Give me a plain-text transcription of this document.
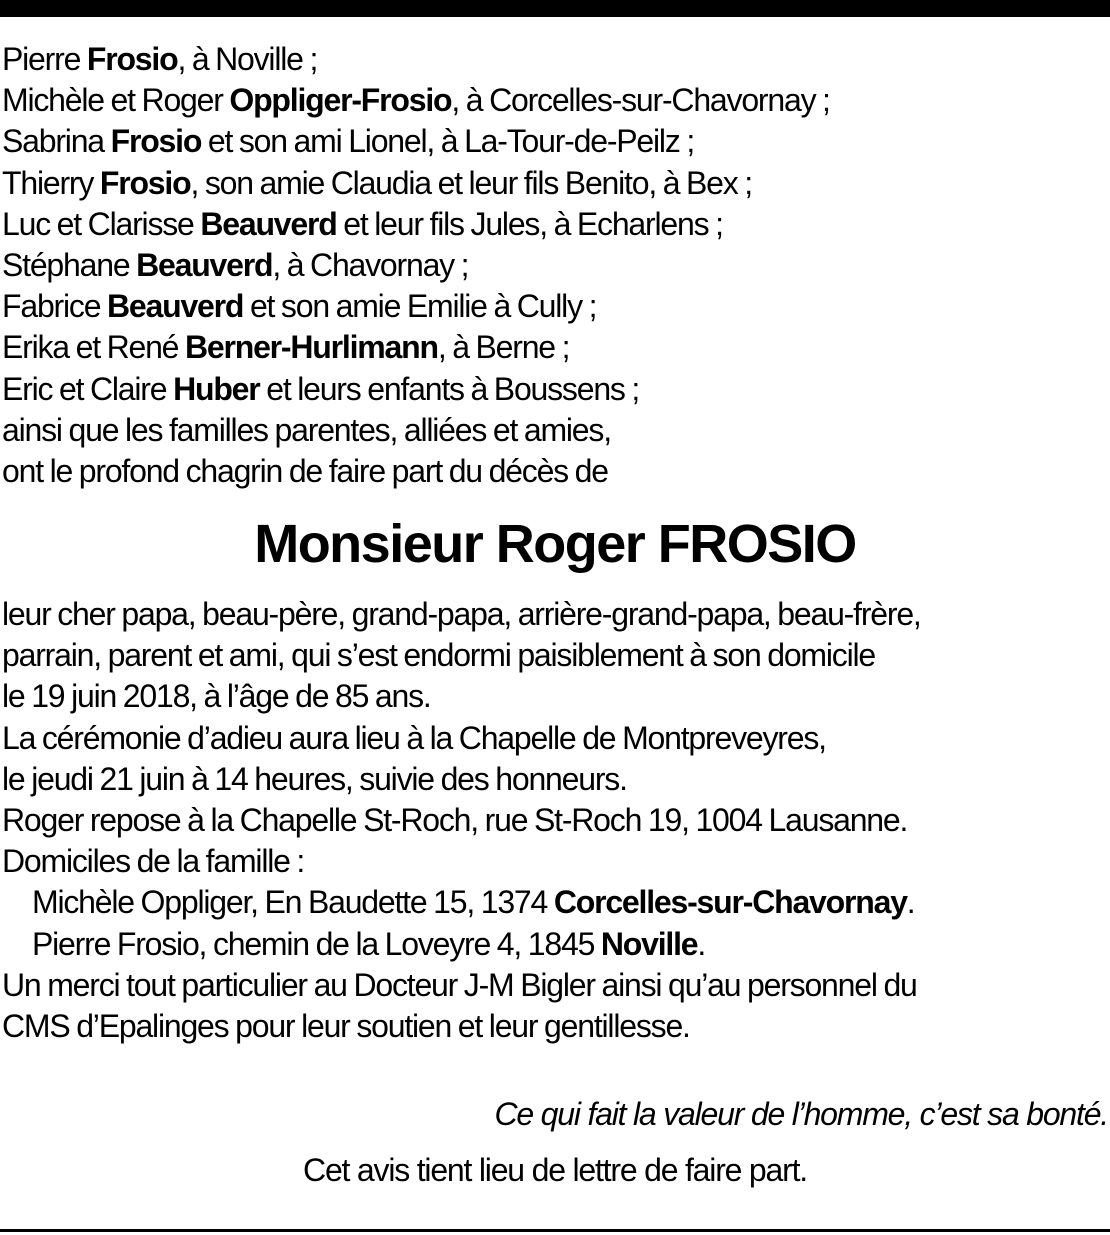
Pierre Frosio, à Noville ;
Michèle et Roger Oppliger-Frosio, à Corcelles-sur-Chavornay ;
Sabrina Frosio et son ami Lionel, à La-Tour-de-Peilz ;
Thierry Frosio, son amie Claudia et leur fils Benito, à Bex ;
Luc et Clarisse Beauverd et leur fils Jules, à Echarlens ;
Stéphane Beauverd, à Chavornay ;
Fabrice Beauverd et son amie Emilie à Cully ;
Erika et René Berner-Hurlimann, à Berne ;
Eric et Claire Huber et leurs enfants à Boussens ;
ainsi que les familles parentes, alliées et amies,
ont le profond chagrin de faire part du décès de
Monsieur Roger FROSIO
leur cher papa, beau-père, grand-papa, arrière-grand-papa, beau-frère,
parrain, parent et ami, qui s’est endormi paisiblement à son domicile
le 19 juin 2018, à l’âge de 85 ans.
La cérémonie d’adieu aura lieu à la Chapelle de Montpreveyres,
le jeudi 21 juin à 14 heures, suivie des honneurs.
Roger repose à la Chapelle St-Roch, rue St-Roch 19, 1004 Lausanne.
Domiciles de la famille :
Michèle Oppliger, En Baudette 15, 1374 Corcelles-sur-Chavornay.
Pierre Frosio, chemin de la Loveyre 4, 1845 Noville.
Un merci tout particulier au Docteur J-M Bigler ainsi qu’au personnel du
CMS d’Epalinges pour leur soutien et leur gentillesse.
Ce qui fait la valeur de l’homme, c’est sa bonté.
Cet avis tient lieu de lettre de faire part.
